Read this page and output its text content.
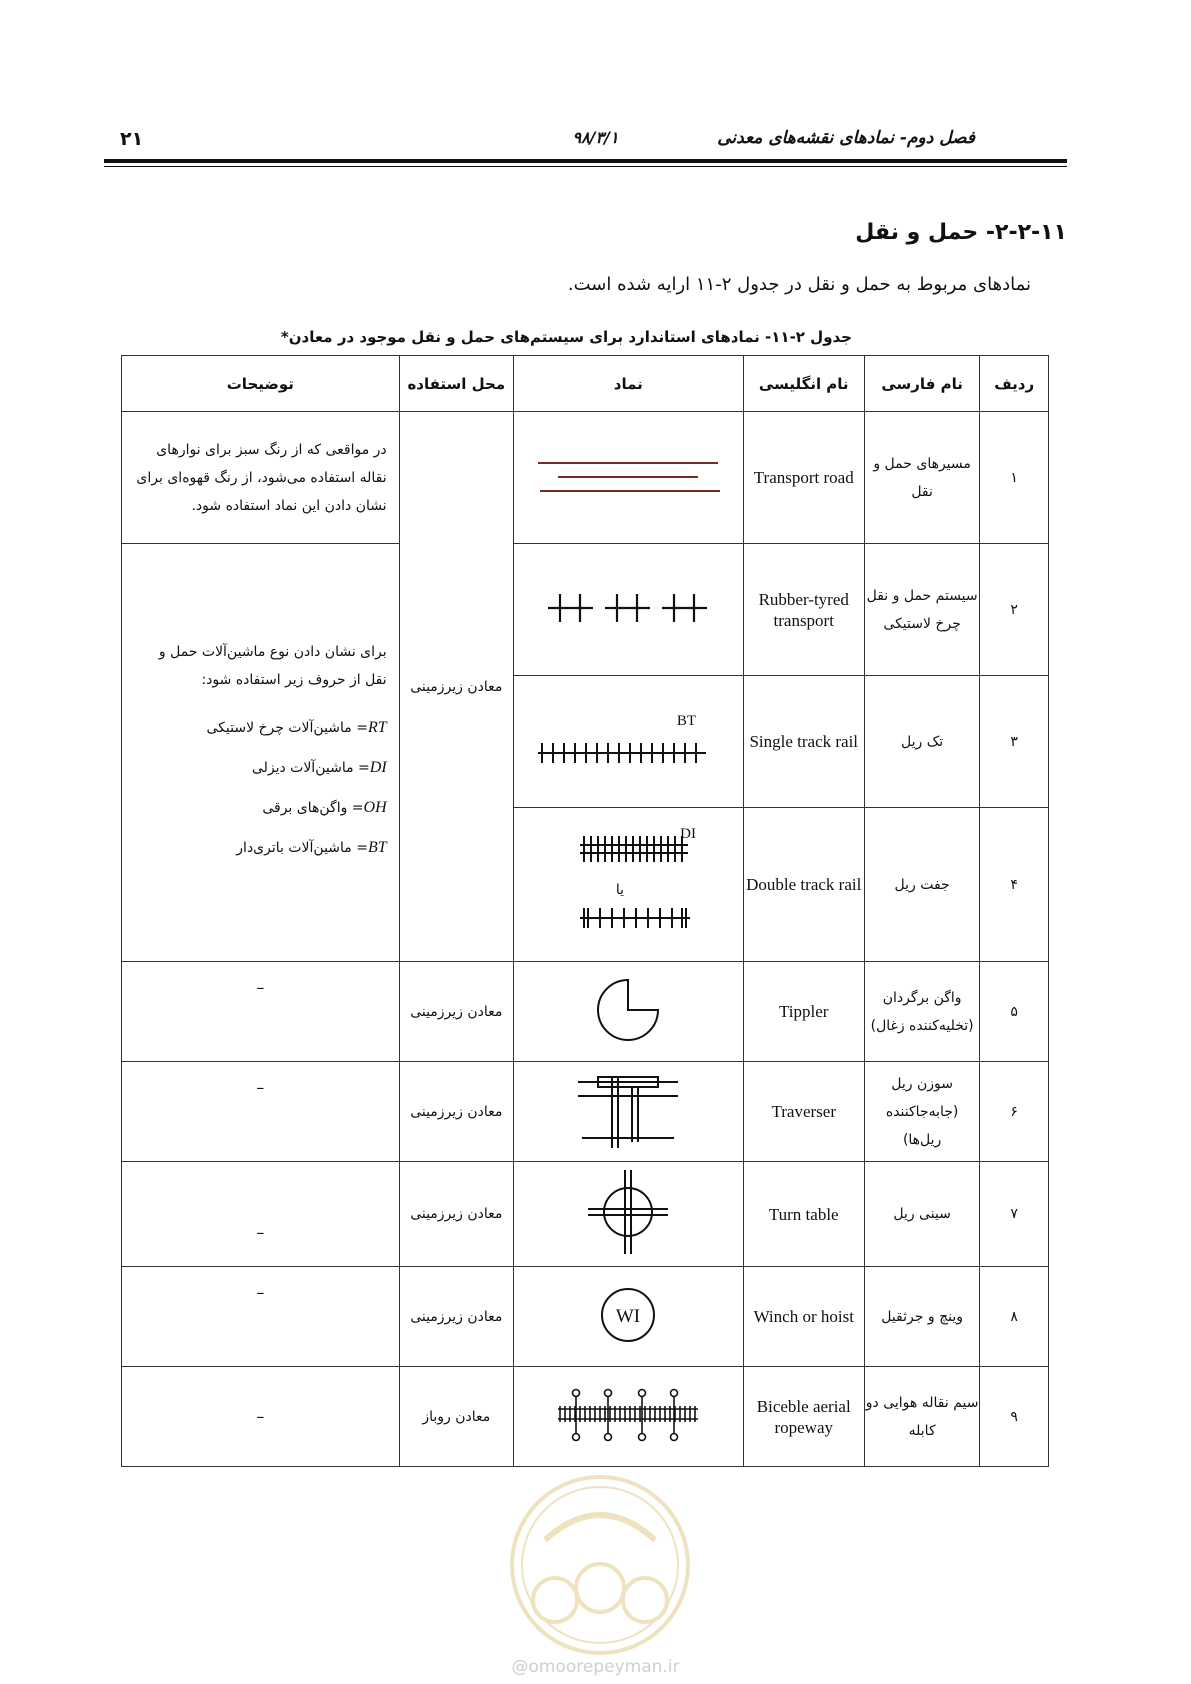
فصل دوم- نمادهای نقشه‌های معدنی
۹۸/۳/۱
۲۱
۲-۲-۱۱- حمل و نقل
نمادهای مربوط به حمل و نقل در جدول ۲-۱۱ ارایه شده است.
جدول ۲-۱۱- نمادهای استاندارد برای سیستم‌های حمل و نقل موجود در معادن*
ردیف	نام فارسی	نام انگلیسی	نماد	محل استفاده	توضیحات
۱	مسیرهای حمل و نقل	Transport road		معادن زیرزمینی	در مواقعی که از رنگ سبز برای نوارهای نقاله استفاده می‌شود، از رنگ قهوه‌ای برای نشان دادن این نماد استفاده شود.
۲	سیستم حمل و نقل چرخ لاستیکی	Rubber-tyred transport			برای نشان دادن نوع ماشین‌آلات حمل و نقل از حروف زیر استفاده شود:
RT= ماشین‌آلات چرخ لاستیکی
DI= ماشین‌آلات دیزلی
OH= واگن‌های برقی
BT= ماشین‌آلات باتری‌دار

۳	تک ریل	Single track rail	BT		

۴	جفت ریل	Double track rail	DI
یا		

۵	واگن برگردان (تخلیه‌کننده زغال)	Tippler		معادن زیرزمینی	–
۶	سوزن ریل (جابه‌جاکننده ریل‌ها)	Traverser		معادن زیرزمینی	–
۷	سینی ریل	Turn table		معادن زیرزمینی	–
۸	وینچ و جرثقیل	Winch or hoist	WI	معادن زیرزمینی	–
۹	سیم نقاله هوایی دو کابله	Biceble aerial ropeway		معادن روباز	–
@omoorepeyman.ir
